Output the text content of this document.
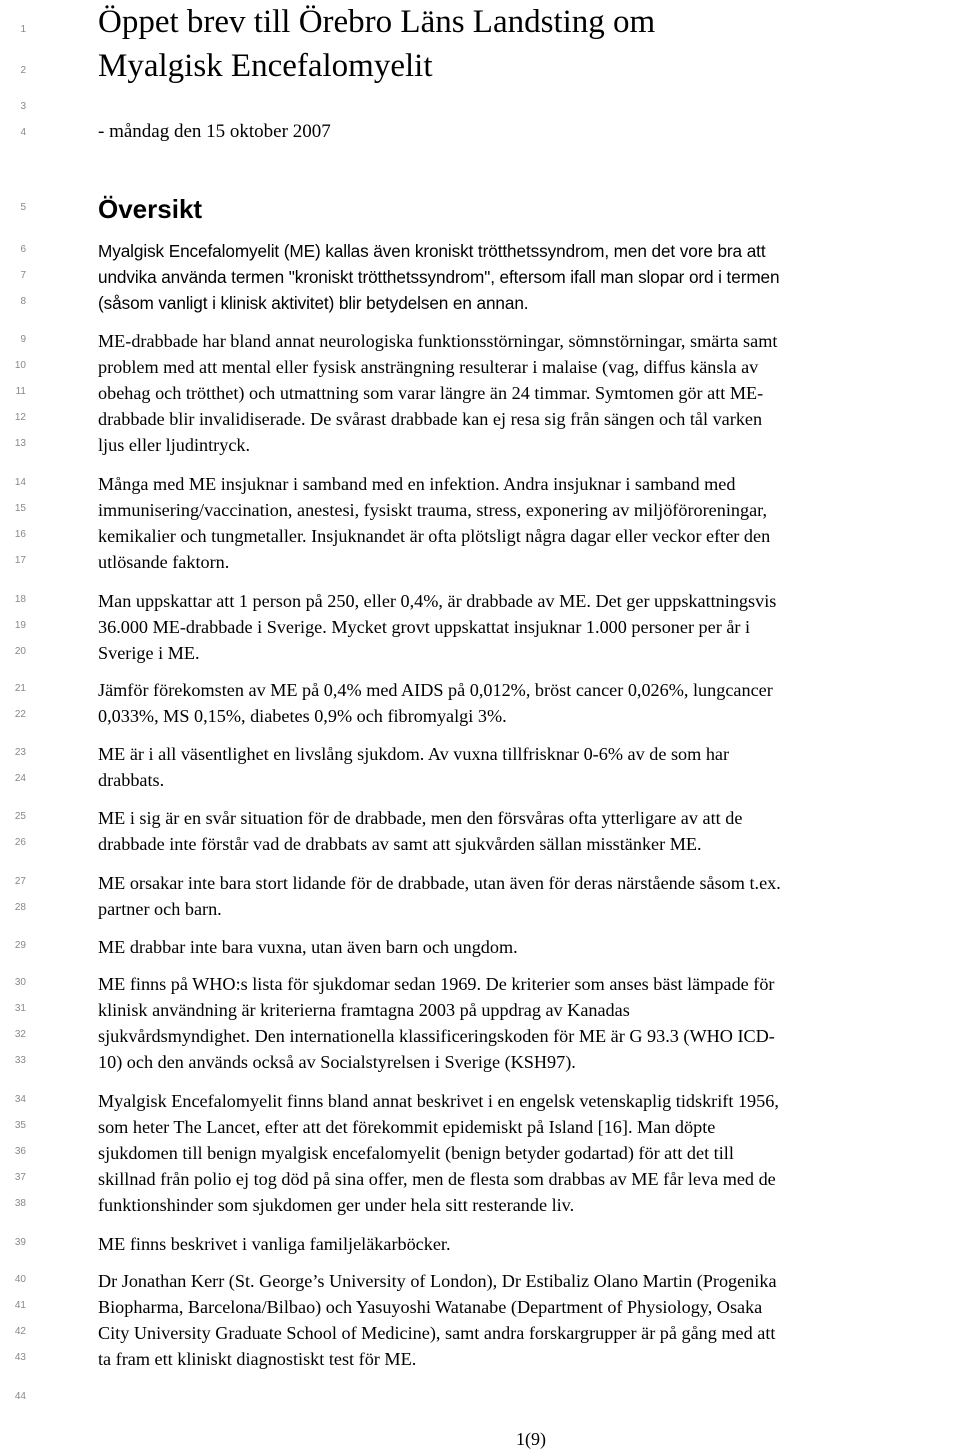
Öppet brev till Örebro Läns Landsting om
Myalgisk Encefalomyelit
- måndag den 15 oktober 2007
Översikt
Myalgisk Encefalomyelit (ME) kallas även kroniskt trötthetssyndrom, men det vore bra att
undvika använda termen "kroniskt trötthetssyndrom", eftersom ifall man slopar ord i termen
(såsom vanligt i klinisk aktivitet) blir betydelsen en annan.
ME-drabbade har bland annat neurologiska funktionsstörningar, sömnstörningar, smärta samt
problem med att mental eller fysisk ansträngning resulterar i malaise (vag, diffus känsla av
obehag och trötthet) och utmattning som varar längre än 24 timmar. Symtomen gör att ME-
drabbade blir invalidiserade. De svårast drabbade kan ej resa sig från sängen och tål varken
ljus eller ljudintryck.
Många med ME insjuknar i samband med en infektion. Andra insjuknar i samband med
immunisering/vaccination, anestesi, fysiskt trauma, stress, exponering av miljöföroreningar,
kemikalier och tungmetaller. Insjuknandet är ofta plötsligt några dagar eller veckor efter den
utlösande faktorn.
Man uppskattar att 1 person på 250, eller 0,4%, är drabbade av ME. Det ger uppskattningsvis
36.000 ME-drabbade i Sverige. Mycket grovt uppskattat insjuknar 1.000 personer per år i
Sverige i ME.
Jämför förekomsten av ME på 0,4% med AIDS på 0,012%, bröst cancer 0,026%, lungcancer
0,033%, MS 0,15%, diabetes 0,9% och fibromyalgi 3%.
ME är i all väsentlighet en livslång sjukdom. Av vuxna tillfrisknar 0-6% av de som har
drabbats.
ME i sig är en svår situation för de drabbade, men den försvåras ofta ytterligare av att de
drabbade inte förstår vad de drabbats av samt att sjukvården sällan misstänker ME.
ME orsakar inte bara stort lidande för de drabbade, utan även för deras närstående såsom t.ex.
partner och barn.
ME drabbar inte bara vuxna, utan även barn och ungdom.
ME finns på WHO:s lista för sjukdomar sedan 1969. De kriterier som anses bäst lämpade för
klinisk användning är kriterierna framtagna 2003 på uppdrag av Kanadas
sjukvårdsmyndighet. Den internationella klassificeringskoden för ME är G 93.3 (WHO ICD-
10) och den används också av Socialstyrelsen i Sverige (KSH97).
Myalgisk Encefalomyelit finns bland annat beskrivet i en engelsk vetenskaplig tidskrift 1956,
som heter The Lancet, efter att det förekommit epidemiskt på Island [16]. Man döpte
sjukdomen till benign myalgisk encefalomyelit (benign betyder godartad) för att det till
skillnad från polio ej tog död på sina offer, men de flesta som drabbas av ME får leva med de
funktionshinder som sjukdomen ger under hela sitt resterande liv.
ME finns beskrivet i vanliga familjeläkarböcker.
Dr Jonathan Kerr (St. George’s University of London), Dr Estibaliz Olano Martin (Progenika
Biopharma, Barcelona/Bilbao) och Yasuyoshi Watanabe (Department of Physiology, Osaka
City University Graduate School of Medicine), samt andra forskargrupper är på gång med att
ta fram ett kliniskt diagnostiskt test för ME.
1
2
3
4
5
6
7
8
9
10
11
12
13
14
15
16
17
18
19
20
21
22
23
24
25
26
27
28
29
30
31
32
33
34
35
36
37
38
39
40
41
42
43
44
1(9)
